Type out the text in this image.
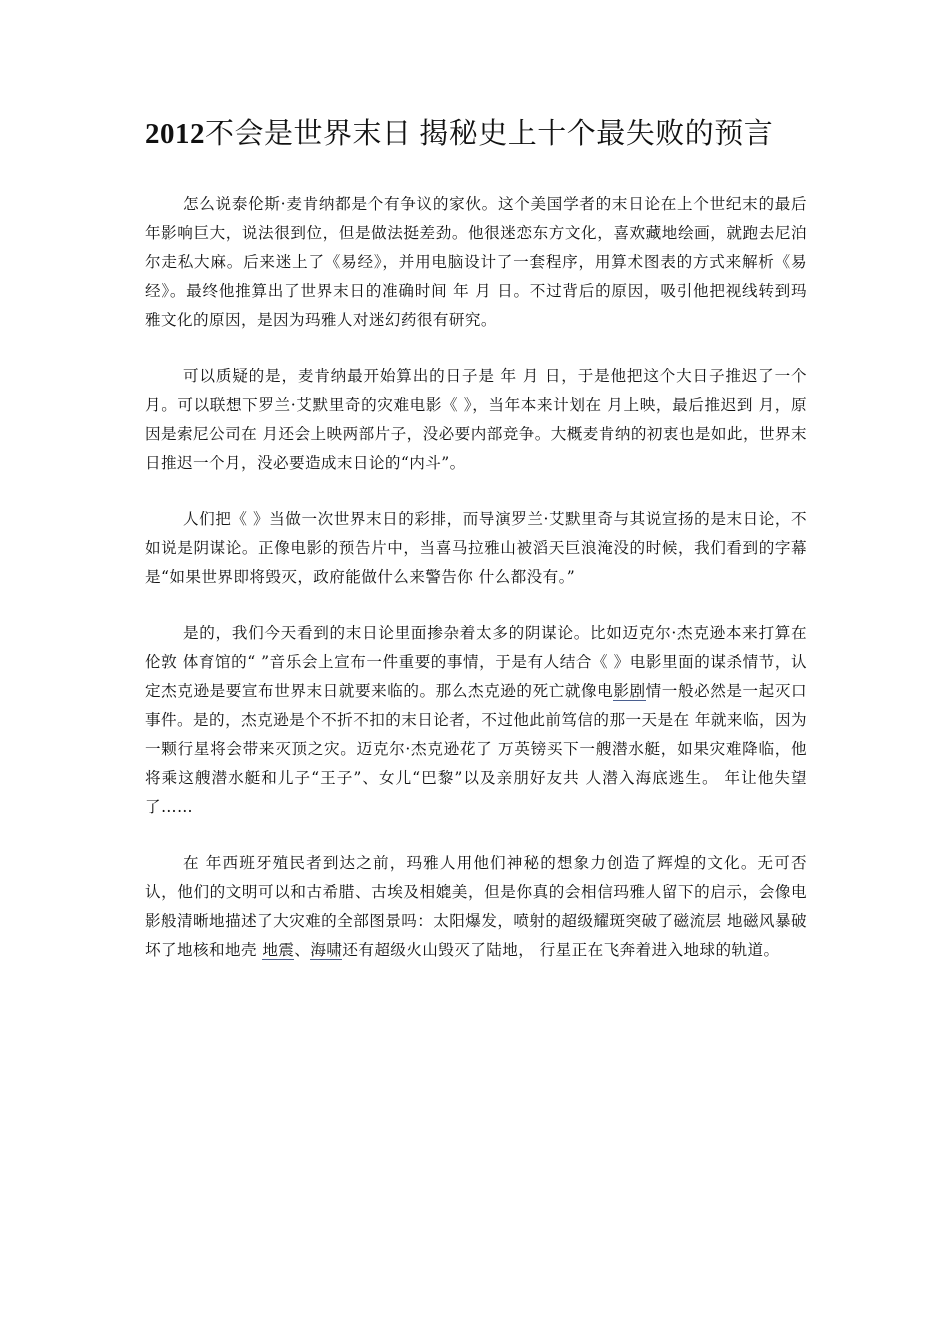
2012不会是世界末日 揭秘史上十个最失败的预言

怎么说泰伦斯·麦肯纳都是个有争议的家伙。这个美国学者的末日论在上个世纪末的最后 年影响巨大，说法很到位，但是做法挺差劲。他很迷恋东方文化，喜欢藏地绘画，就跑去尼泊尔走私大麻。后来迷上了《易经》，并用电脑设计了一套程序，用算术图表的方式来解析《易经》。最终他推算出了世界末日的准确时间 年 月 日。不过背后的原因，吸引他把视线转到玛雅文化的原因，是因为玛雅人对迷幻药很有研究。

可以质疑的是，麦肯纳最开始算出的日子是 年 月 日，于是他把这个大日子推迟了一个月。可以联想下罗兰·艾默里奇的灾难电影《 》，当年本来计划在 月上映，最后推迟到 月，原因是索尼公司在 月还会上映两部片子，没必要内部竞争。大概麦肯纳的初衷也是如此，世界末日推迟一个月，没必要造成末日论的“内斗”。

人们把《 》当做一次世界末日的彩排，而导演罗兰·艾默里奇与其说宣扬的是末日论，不如说是阴谋论。正像电影的预告片中，当喜马拉雅山被滔天巨浪淹没的时候，我们看到的字幕是“如果世界即将毁灭，政府能做什么来警告你 什么都没有。”

是的，我们今天看到的末日论里面掺杂着太多的阴谋论。比如迈克尔·杰克逊本来打算在伦敦 体育馆的“ ”音乐会上宣布一件重要的事情，于是有人结合《 》电影里面的谋杀情节，认定杰克逊是要宣布世界末日就要来临的。那么杰克逊的死亡就像电影剧情一般必然是一起灭口事件。是的，杰克逊是个不折不扣的末日论者，不过他此前笃信的那一天是在 年就来临，因为一颗行星将会带来灭顶之灾。迈克尔·杰克逊花了 万英镑买下一艘潜水艇，如果灾难降临，他将乘这艘潜水艇和儿子“王子”、女儿“巴黎”以及亲朋好友共 人潜入海底逃生。 年让他失望了……

在 年西班牙殖民者到达之前，玛雅人用他们神秘的想象力创造了辉煌的文化。无可否认，他们的文明可以和古希腊、古埃及相媲美，但是你真的会相信玛雅人留下的启示，会像电影般清晰地描述了大灾难的全部图景吗：太阳爆发，喷射的超级耀斑突破了磁流层 地磁风暴破坏了地核和地壳 地震、海啸还有超级火山毁灭了陆地， 行星正在飞奔着进入地球的轨道。
